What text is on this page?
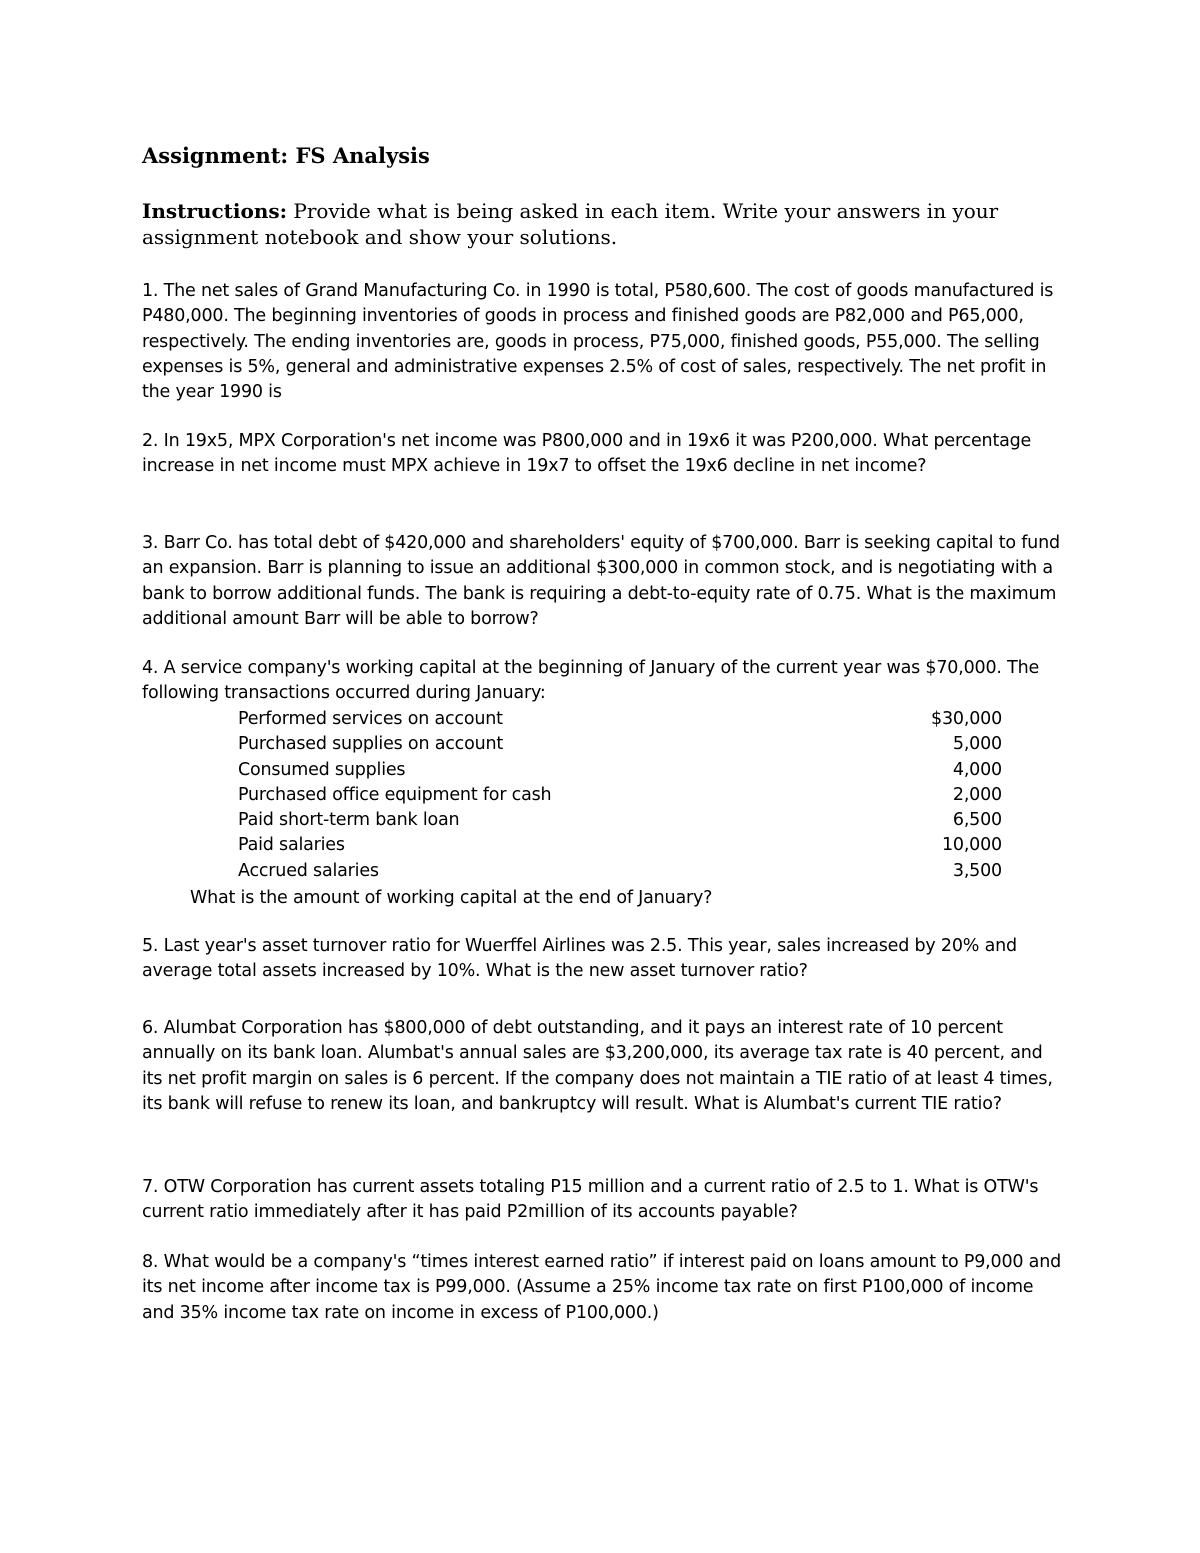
Assignment: FS Analysis
Instructions: Provide what is being asked in each item. Write your answers in your assignment notebook and show your solutions.
1. The net sales of Grand Manufacturing Co. in 1990 is total, P580,600. The cost of goods manufactured is P480,000. The beginning inventories of goods in process and finished goods are P82,000 and P65,000, respectively. The ending inventories are, goods in process, P75,000, finished goods, P55,000. The selling expenses is 5%, general and administrative expenses 2.5% of cost of sales, respectively. The net profit in the year 1990 is
2. In 19x5, MPX Corporation's net income was P800,000 and in 19x6 it was P200,000. What percentage increase in net income must MPX achieve in 19x7 to offset the 19x6 decline in net income?
3. Barr Co. has total debt of $420,000 and shareholders' equity of $700,000. Barr is seeking capital to fund an expansion. Barr is planning to issue an additional $300,000 in common stock, and is negotiating with a bank to borrow additional funds. The bank is requiring a debt-to-equity rate of 0.75. What is the maximum additional amount Barr will be able to borrow?
4. A service company's working capital at the beginning of January of the current year was $70,000. The following transactions occurred during January:
Performed services on account	$30,000
Purchased supplies on account	5,000
Consumed supplies	4,000
Purchased office equipment for cash	2,000
Paid short-term bank loan	6,500
Paid salaries	10,000
Accrued salaries	3,500
What is the amount of working capital at the end of January?
5. Last year's asset turnover ratio for Wuerffel Airlines was 2.5. This year, sales increased by 20% and average total assets increased by 10%. What is the new asset turnover ratio?
6. Alumbat Corporation has $800,000 of debt outstanding, and it pays an interest rate of 10 percent annually on its bank loan. Alumbat's annual sales are $3,200,000, its average tax rate is 40 percent, and its net profit margin on sales is 6 percent. If the company does not maintain a TIE ratio of at least 4 times, its bank will refuse to renew its loan, and bankruptcy will result. What is Alumbat's current TIE ratio?
7. OTW Corporation has current assets totaling P15 million and a current ratio of 2.5 to 1. What is OTW's current ratio immediately after it has paid P2million of its accounts payable?
8. What would be a company's “times interest earned ratio” if interest paid on loans amount to P9,000 and its net income after income tax is P99,000. (Assume a 25% income tax rate on first P100,000 of income and 35% income tax rate on income in excess of P100,000.)
